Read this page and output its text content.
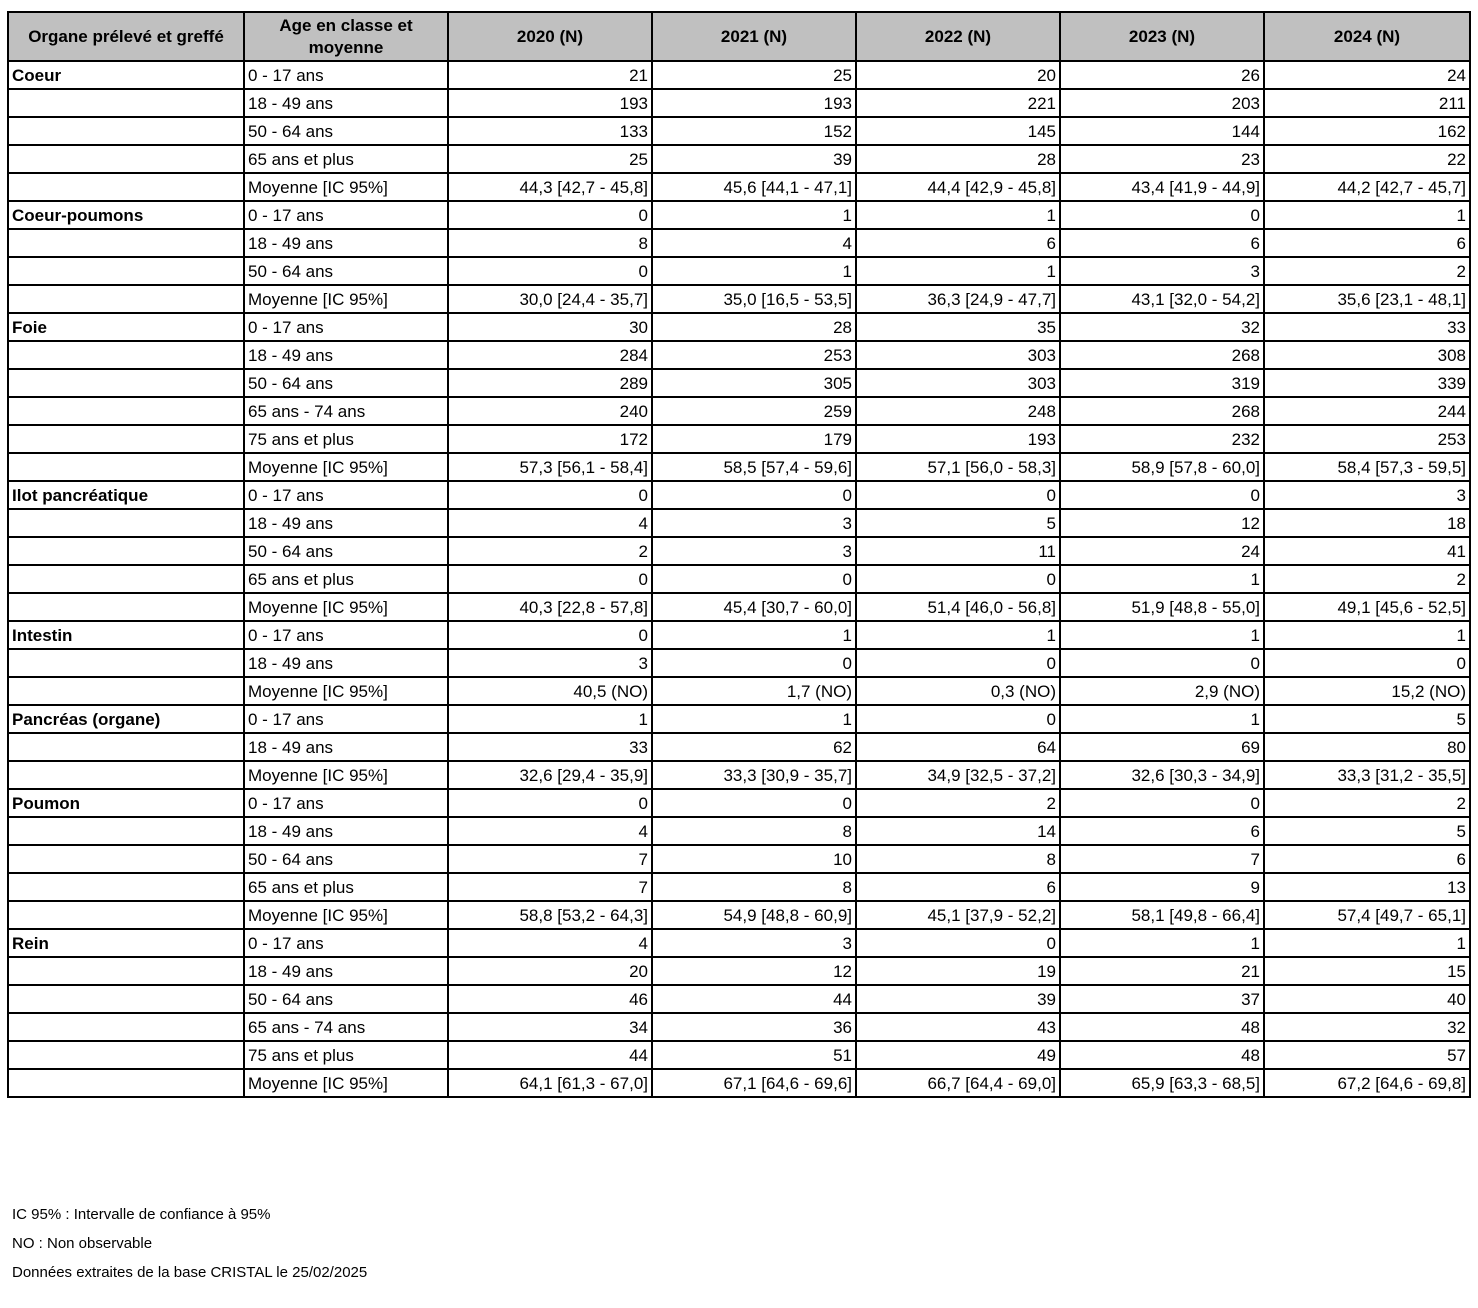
Organe prélevé et greffé	Age en classe et moyenne	2020 (N)	2021 (N)	2022 (N)	2023 (N)	2024 (N)
Coeur	0 - 17 ans	21	25	20	26	24
	18 - 49 ans	193	193	221	203	211
	50 - 64 ans	133	152	145	144	162
	65 ans et plus	25	39	28	23	22
	Moyenne [IC 95%]	44,3 [42,7 - 45,8]	45,6 [44,1 - 47,1]	44,4 [42,9 - 45,8]	43,4 [41,9 - 44,9]	44,2 [42,7 - 45,7]
Coeur-poumons	0 - 17 ans	0	1	1	0	1
	18 - 49 ans	8	4	6	6	6
	50 - 64 ans	0	1	1	3	2
	Moyenne [IC 95%]	30,0 [24,4 - 35,7]	35,0 [16,5 - 53,5]	36,3 [24,9 - 47,7]	43,1 [32,0 - 54,2]	35,6 [23,1 - 48,1]
Foie	0 - 17 ans	30	28	35	32	33
	18 - 49 ans	284	253	303	268	308
	50 - 64 ans	289	305	303	319	339
	65 ans - 74 ans	240	259	248	268	244
	75 ans et plus	172	179	193	232	253
	Moyenne [IC 95%]	57,3 [56,1 - 58,4]	58,5 [57,4 - 59,6]	57,1 [56,0 - 58,3]	58,9 [57,8 - 60,0]	58,4 [57,3 - 59,5]
Ilot pancréatique	0 - 17 ans	0	0	0	0	3
	18 - 49 ans	4	3	5	12	18
	50 - 64 ans	2	3	11	24	41
	65 ans et plus	0	0	0	1	2
	Moyenne [IC 95%]	40,3 [22,8 - 57,8]	45,4 [30,7 - 60,0]	51,4 [46,0 - 56,8]	51,9 [48,8 - 55,0]	49,1 [45,6 - 52,5]
Intestin	0 - 17 ans	0	1	1	1	1
	18 - 49 ans	3	0	0	0	0
	Moyenne [IC 95%]	40,5 (NO)	1,7 (NO)	0,3 (NO)	2,9 (NO)	15,2 (NO)
Pancréas (organe)	0 - 17 ans	1	1	0	1	5
	18 - 49 ans	33	62	64	69	80
	Moyenne [IC 95%]	32,6 [29,4 - 35,9]	33,3 [30,9 - 35,7]	34,9 [32,5 - 37,2]	32,6 [30,3 - 34,9]	33,3 [31,2 - 35,5]
Poumon	0 - 17 ans	0	0	2	0	2
	18 - 49 ans	4	8	14	6	5
	50 - 64 ans	7	10	8	7	6
	65 ans et plus	7	8	6	9	13
	Moyenne [IC 95%]	58,8 [53,2 - 64,3]	54,9 [48,8 - 60,9]	45,1 [37,9 - 52,2]	58,1 [49,8 - 66,4]	57,4 [49,7 - 65,1]
Rein	0 - 17 ans	4	3	0	1	1
	18 - 49 ans	20	12	19	21	15
	50 - 64 ans	46	44	39	37	40
	65 ans - 74 ans	34	36	43	48	32
	75 ans et plus	44	51	49	48	57
	Moyenne [IC 95%]	64,1 [61,3 - 67,0]	67,1 [64,6 - 69,6]	66,7 [64,4 - 69,0]	65,9 [63,3 - 68,5]	67,2 [64,6 - 69,8]
IC 95% : Intervalle de confiance à 95%
NO : Non observable
Données extraites de la base CRISTAL le 25/02/2025
